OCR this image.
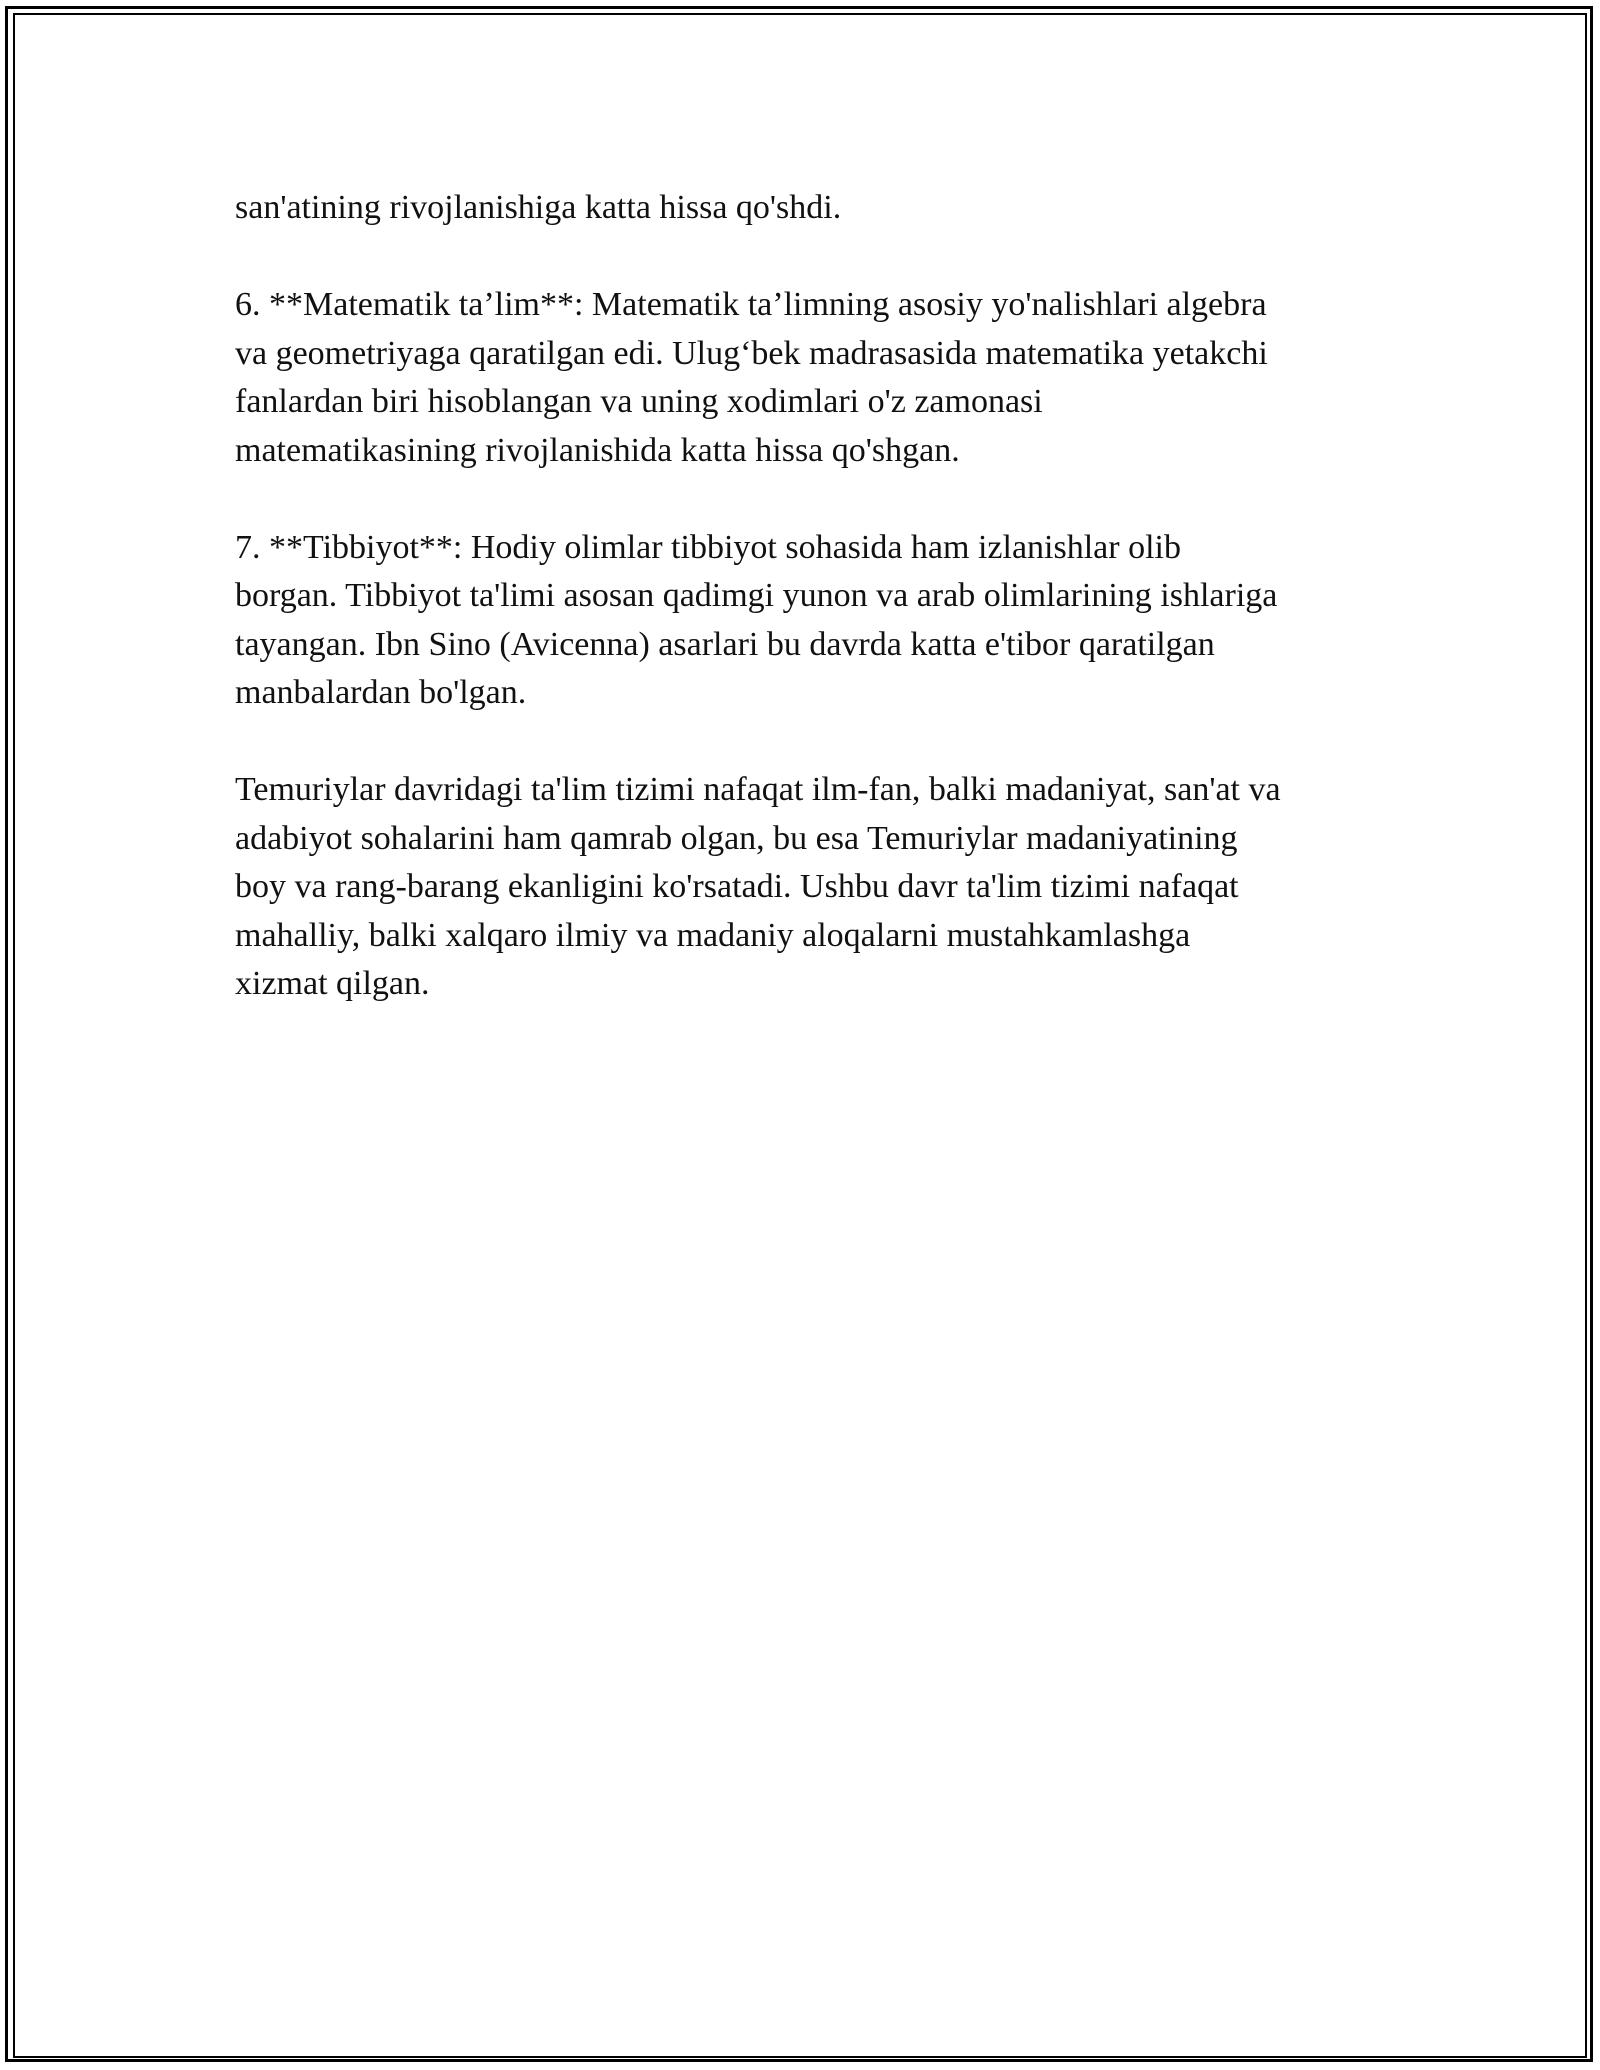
san'atining rivojlanishiga katta hissa qo'shdi.

6. **Matematik ta’lim**: Matematik ta’limning asosiy yo'nalishlari algebra
va geometriyaga qaratilgan edi. Ulug‘bek madrasasida matematika yetakchi
fanlardan biri hisoblangan va uning xodimlari o'z zamonasi
matematikasining rivojlanishida katta hissa qo'shgan.

7. **Tibbiyot**: Hodiy olimlar tibbiyot sohasida ham izlanishlar olib
borgan. Tibbiyot ta'limi asosan qadimgi yunon va arab olimlarining ishlariga
tayangan. Ibn Sino (Avicenna) asarlari bu davrda katta e'tibor qaratilgan
manbalardan bo'lgan.

Temuriylar davridagi ta'lim tizimi nafaqat ilm-fan, balki madaniyat, san'at va
adabiyot sohalarini ham qamrab olgan, bu esa Temuriylar madaniyatining
boy va rang-barang ekanligini ko'rsatadi. Ushbu davr ta'lim tizimi nafaqat
mahalliy, balki xalqaro ilmiy va madaniy aloqalarni mustahkamlashga
xizmat qilgan.
